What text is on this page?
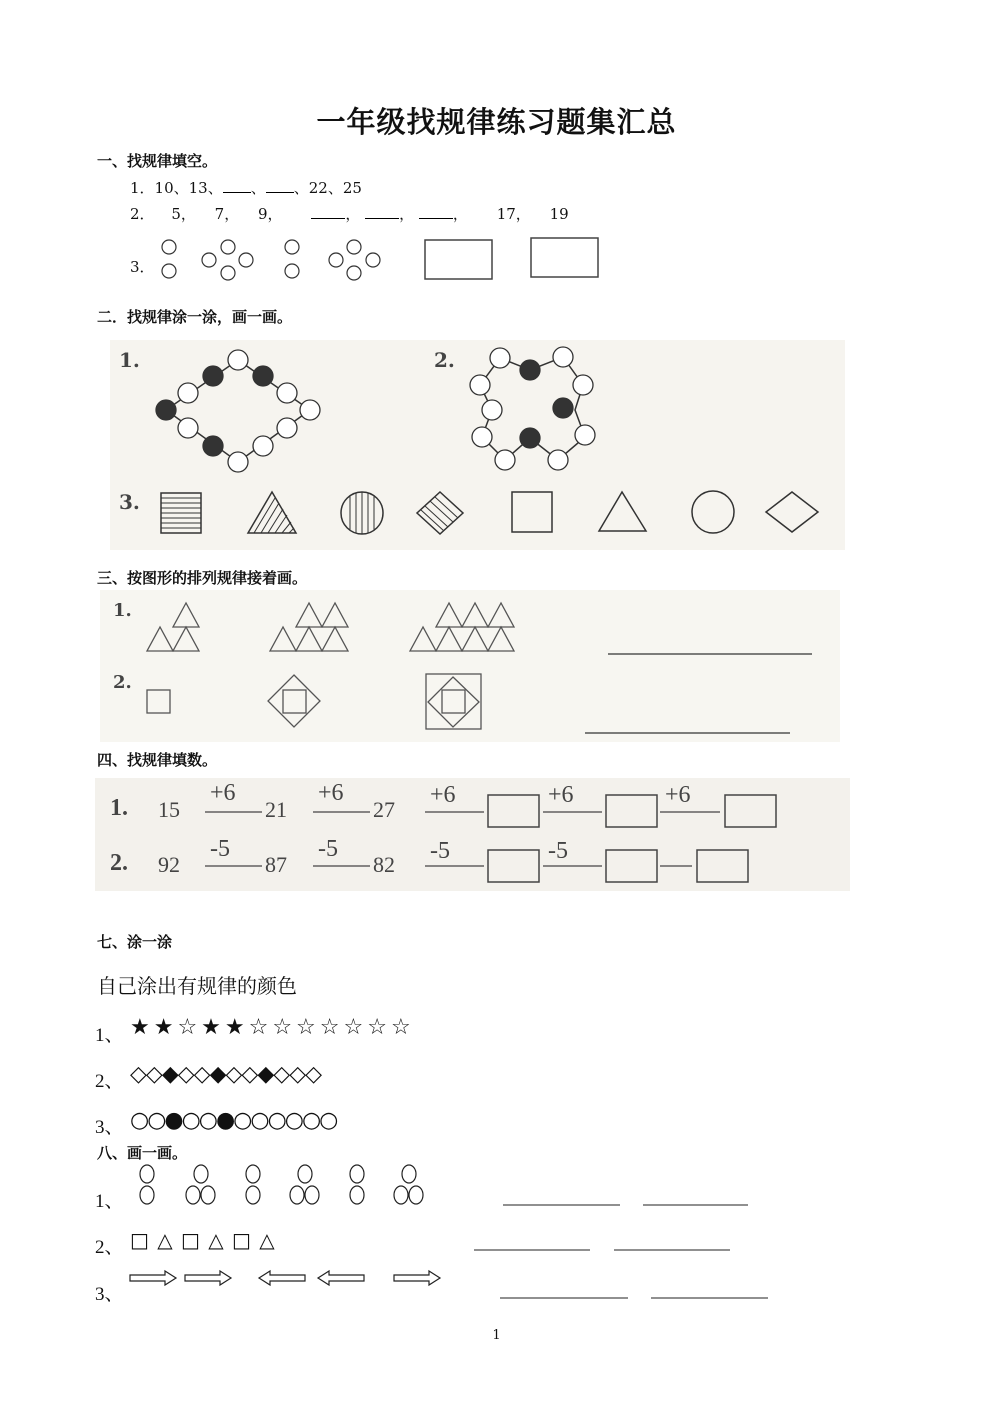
一年级找规律练习题集汇总
一、找规律填空。
1．10、13、 、 、22、25
2． 5， 7， 9，	，	，	， 17， 19
3．
二．找规律涂一涂，画一画。
1.	2.
3.
三、按图形的排列规律接着画。
1.
2.
四、找规律填数。
1. 15	21	27
+6	+6	+6	+6	+6
2. 92	87	82
-5	-5	-5	-5
七、涂一涂
自己涂出有规律的颜色
1、 ★★☆★★☆☆☆☆☆☆☆
2、 ◇◇◆◇◇◆◇◇◆◇◇◇
3、 ○○●○○●○○○○○○
八、画一画。
1、
2、 □ △ □ △ □ △
3、
1
